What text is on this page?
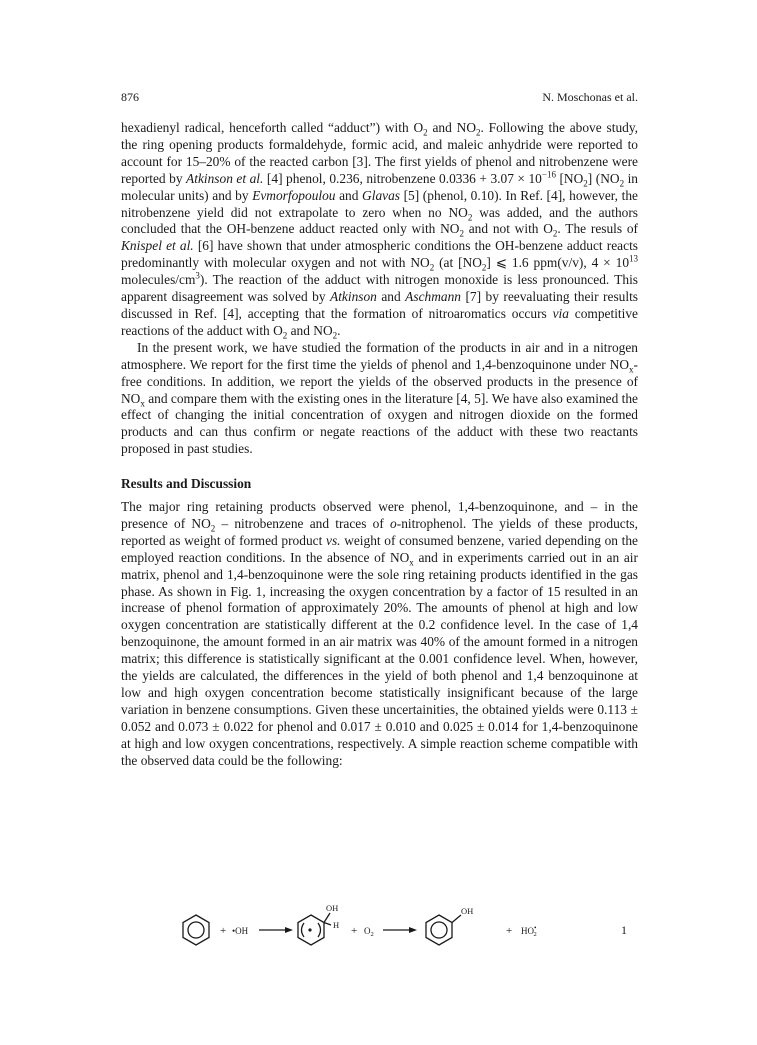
876	N. Moschonas et al.

hexadienyl radical, henceforth called “adduct”) with $O_2$ and $NO_2$. Following the above study, the ring opening products formaldehyde, formic acid, and maleic anhydride were reported to account for 15–20% of the reacted carbon [3]. The first yields of phenol and nitrobenzene were reported by Atkinson et al. [4] phenol, 0.236, nitrobenzene $0.0336 + 3.07 \times 10^{-16}$ $[NO_2]$ ($NO_2$ in molecular units) and by Evmorfopoulou and Glavas [5] (phenol, 0.10). In Ref. [4], however, the nitrobenzene yield did not extrapolate to zero when no $NO_2$ was added, and the authors concluded that the OH-benzene adduct reacted only with $NO_2$ and not with $O_2$. The resuls of Knispel et al. [6] have shown that under atmospheric conditions the OH-benzene adduct reacts predominantly with molecular oxygen and not with $NO_2$ (at $[NO_2]$ ⩽ 1.6 ppm(v/v), $4 \times 10^{13}$ molecules/$cm^3$). The reaction of the adduct with nitrogen monoxide is less pronounced. This apparent disagreement was solved by Atkinson and Aschmann [7] by reevaluating their results discussed in Ref. [4], accepting that the formation of nitroaromatics occurs via competitive reactions of the adduct with $O_2$ and $NO_2$.

In the present work, we have studied the formation of the products in air and in a nitrogen atmosphere. We report for the first time the yields of phenol and 1,4-benzoquinone under $NO_x$-free conditions. In addition, we report the yields of the observed products in the presence of $NO_x$ and compare them with the existing ones in the literature [4, 5]. We have also examined the effect of changing the initial concentration of oxygen and nitrogen dioxide on the formed products and can thus confirm or negate reactions of the adduct with these two reactants proposed in past studies.

Results and Discussion

The major ring retaining products observed were phenol, 1,4-benzoquinone, and – in the presence of $NO_2$ – nitrobenzene and traces of o-nitrophenol. The yields of these products, reported as weight of formed product vs. weight of consumed benzene, varied depending on the employed reaction conditions. In the absence of $NO_x$ and in experiments carried out in an air matrix, phenol and 1,4-benzoquinone were the sole ring retaining products identified in the gas phase. As shown in Fig. 1, increasing the oxygen concentration by a factor of 15 resulted in an increase of phenol formation of approximately 20%. The amounts of phenol at high and low oxygen concentration are statistically different at the 0.2 confidence level. In the case of 1,4 benzoquinone, the amount formed in an air matrix was 40% of the amount formed in a nitrogen matrix; this difference is statistically significant at the 0.001 confidence level. When, however, the yields are calculated, the differences in the yield of both phenol and 1,4 benzoquinone at low and high oxygen concentration become statistically insignificant because of the large variation in benzene consumptions. Given these uncertainities, the obtained yields were 0.113 ± 0.052 and 0.073 ± 0.022 for phenol and 0.017 ± 0.010 and 0.025 ± 0.014 for 1,4-benzoquinone at high and low oxygen concentrations, respectively. A simple reaction scheme compatible with the observed data could be the following:

+ •OH
OH
$H + O_2$
OH
+ HO• 2	1
